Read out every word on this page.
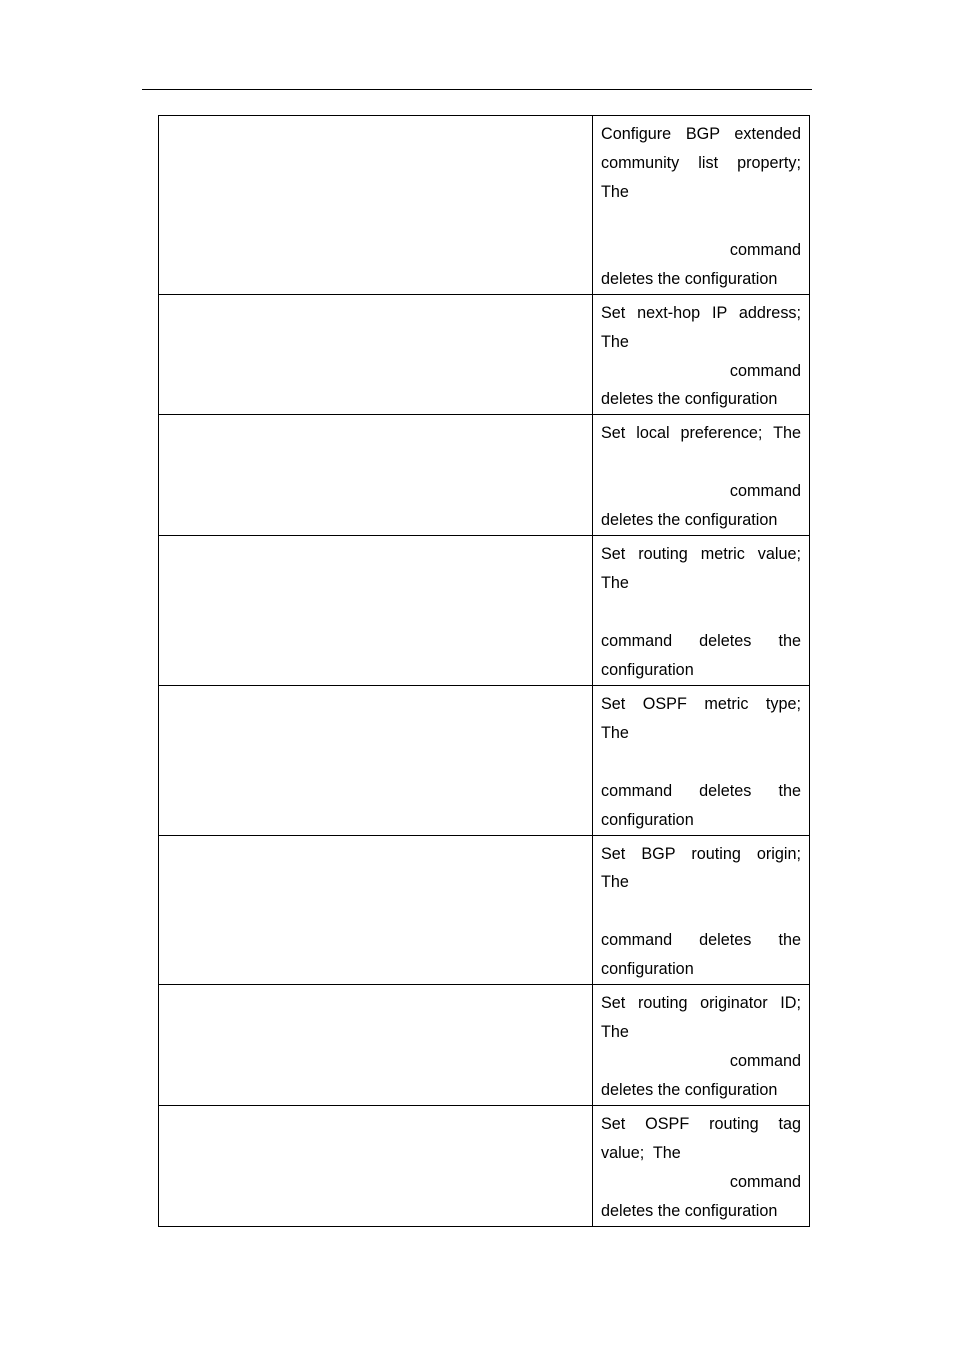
	Configure BGP extended
community list property;
The
command
deletes the configuration

	Set next-hop IP address;
The
command
deletes the configuration

	Set local preference; The
command
deletes the configuration

	Set routing metric value;
The
command deletes the
configuration

	Set OSPF metric type;
The
command deletes the
configuration

	Set BGP routing origin;
The
command deletes the
configuration

	Set routing originator ID;
The
command
deletes the configuration

	Set OSPF routing tag
value;  The
command
deletes the configuration
